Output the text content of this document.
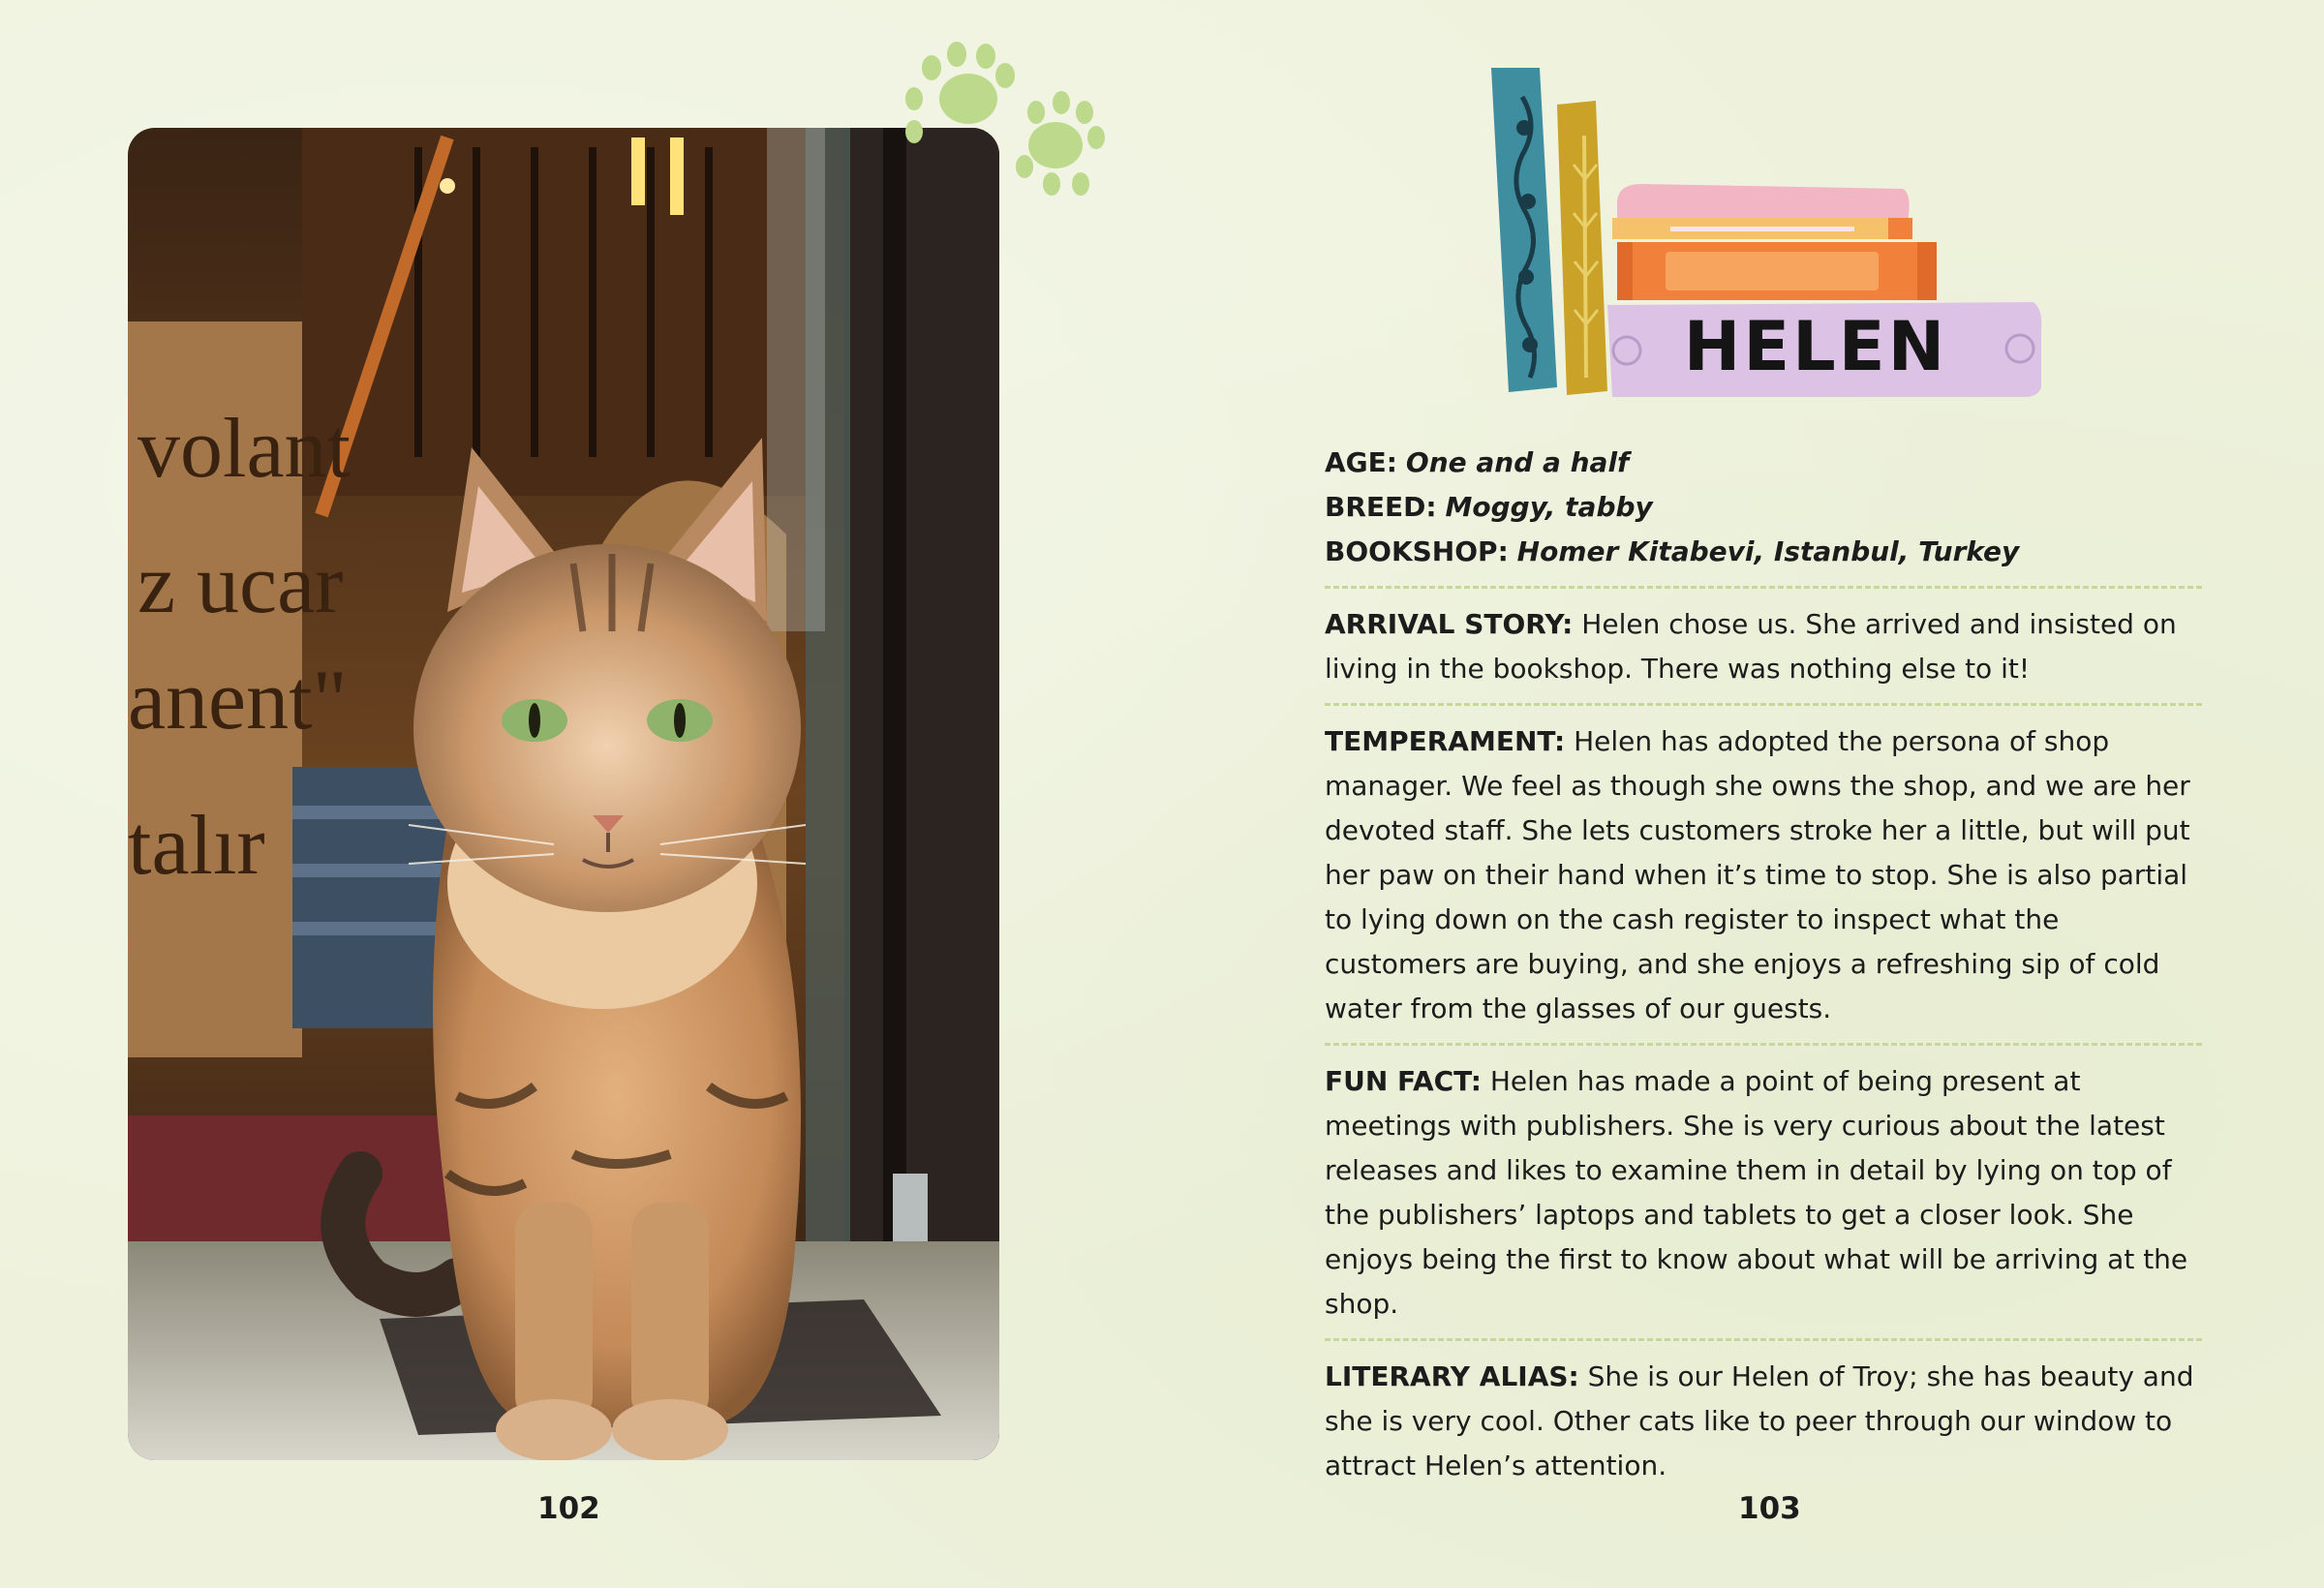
volant
z ucar
anent"
talır
102
HELEN

AGE: One and a half

BREED: Moggy, tabby

BOOKSHOP: Homer Kitabevi, Istanbul, Turkey

ARRIVAL STORY: Helen chose us. She arrived and insisted on living in the bookshop. There was nothing else to it!

TEMPERAMENT: Helen has adopted the persona of shop manager. We feel as though she owns the shop, and we are her devoted staff. She lets customers stroke her a little, but will put her paw on their hand when it’s time to stop. She is also partial to lying down on the cash register to inspect what the customers are buying, and she enjoys a refreshing sip of cold water from the glasses of our guests.

FUN FACT: Helen has made a point of being present at meetings with publishers. She is very curious about the latest releases and likes to examine them in detail by lying on top of the publishers’ laptops and tablets to get a closer look. She enjoys being the first to know about what will be arriving at the shop.

LITERARY ALIAS: She is our Helen of Troy; she has beauty and she is very cool. Other cats like to peer through our window to attract Helen’s attention.

103
